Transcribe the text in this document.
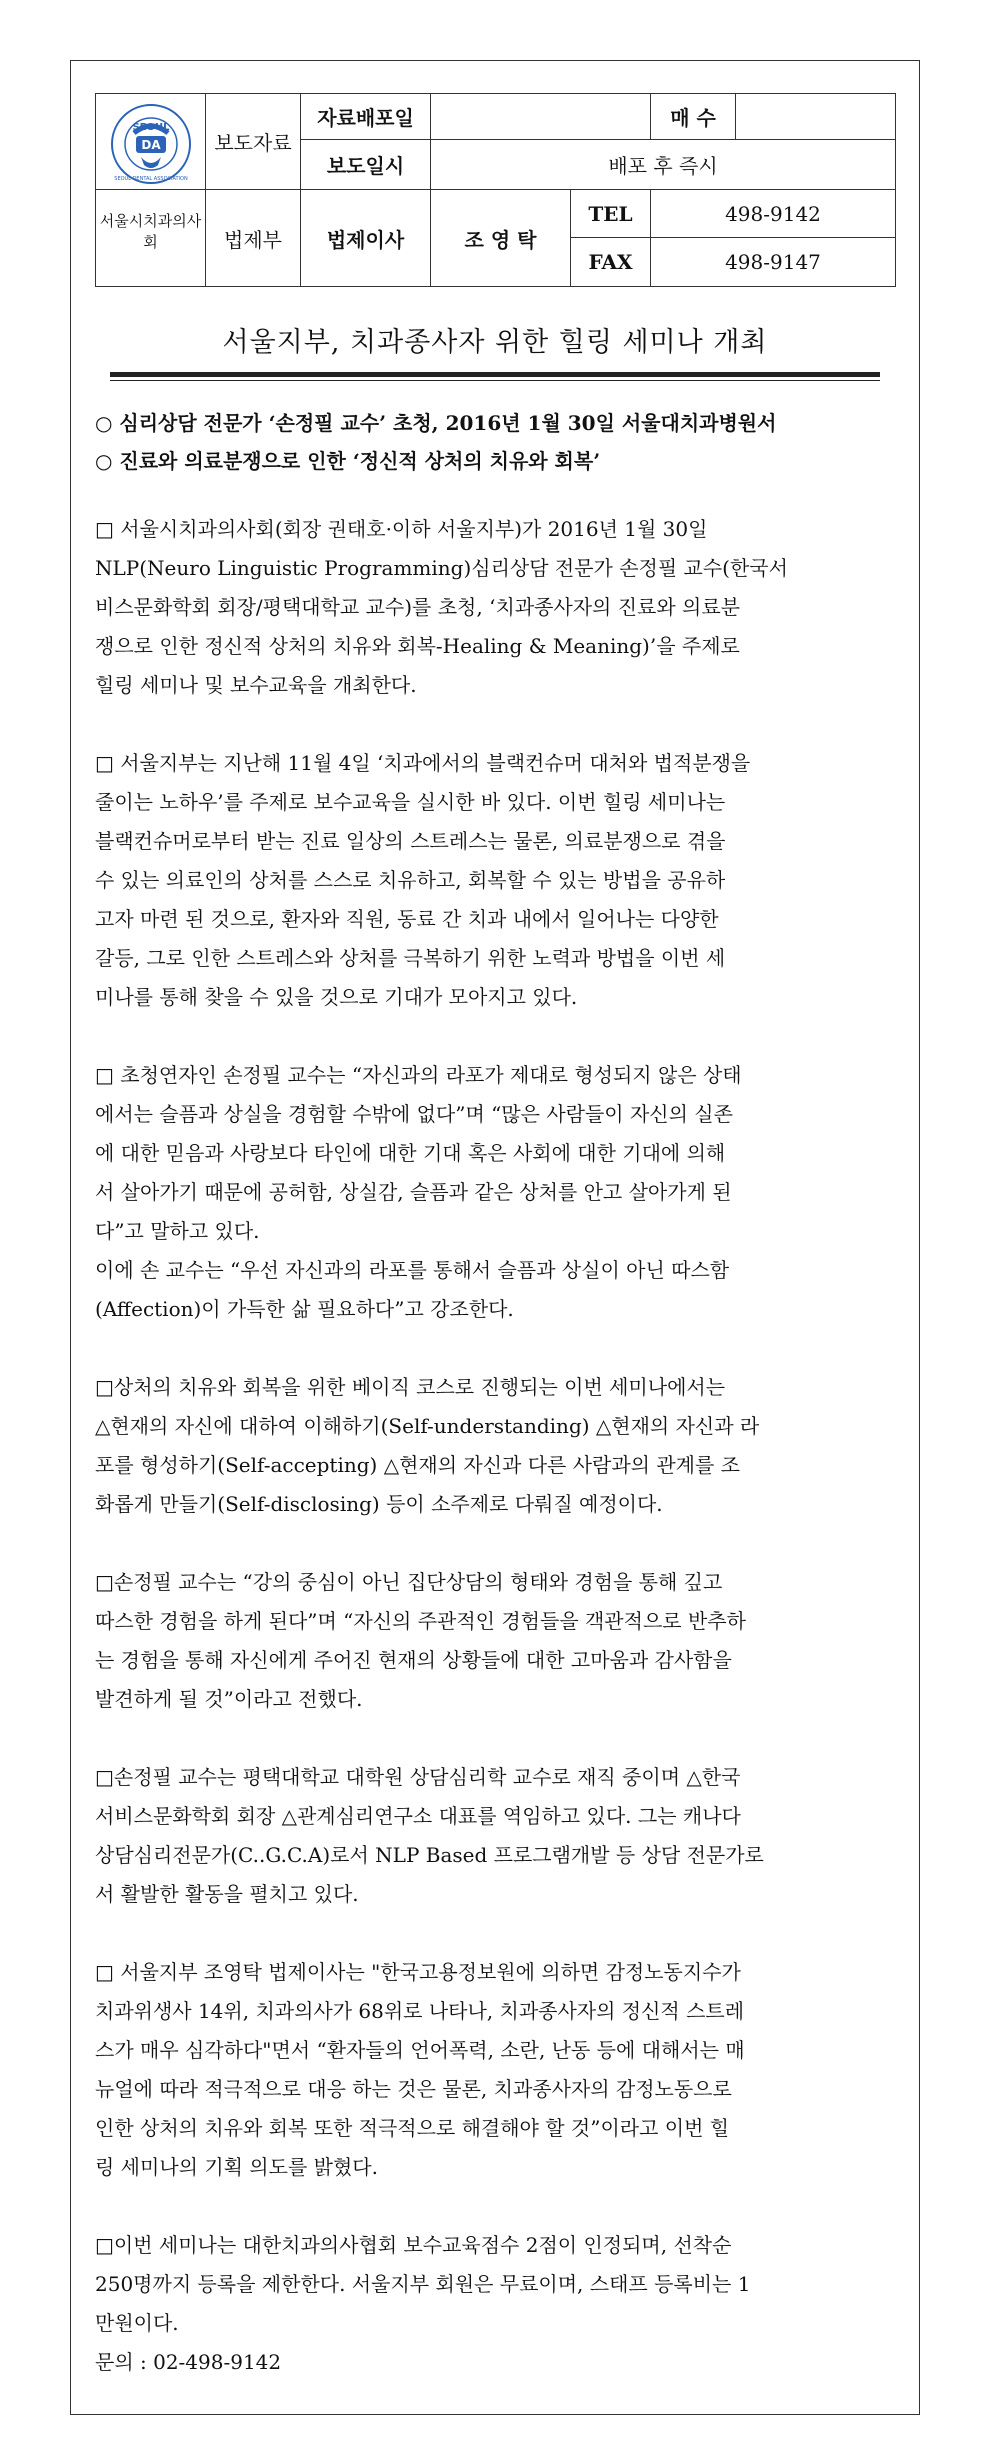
SEOUL
DA
SEOUL DENTAL ASSOCIATION	보도자료	자료배포일			매 수	
		보도일시	배포 후 즉시			

서울시치과의사회	법제부	법제이사	조 영 탁	TEL	498-9142	
				FAX	498-9147	
서울지부, 치과종사자 위한 힐링 세미나 개최
○ 심리상담 전문가 ‘손정필 교수’ 초청, 2016년 1월 30일 서울대치과병원서
○ 진료와 의료분쟁으로 인한 ‘정신적 상처의 치유와 회복’
□ 서울시치과의사회(회장 권태호·이하 서울지부)가 2016년 1월 30일
NLP(Neuro Linguistic Programming)심리상담 전문가 손정필 교수(한국서
비스문화학회 회장/평택대학교 교수)를 초청, ‘치과종사자의 진료와 의료분
쟁으로 인한 정신적 상처의 치유와 회복-Healing & Meaning)’을 주제로
힐링 세미나 및 보수교육을 개최한다.
□ 서울지부는 지난해 11월 4일 ‘치과에서의 블랙컨슈머 대처와 법적분쟁을
줄이는 노하우’를 주제로 보수교육을 실시한 바 있다. 이번 힐링 세미나는
블랙컨슈머로부터 받는 진료 일상의 스트레스는 물론, 의료분쟁으로 겪을
수 있는 의료인의 상처를 스스로 치유하고, 회복할 수 있는 방법을 공유하
고자 마련 된 것으로, 환자와 직원, 동료 간 치과 내에서 일어나는 다양한
갈등, 그로 인한 스트레스와 상처를 극복하기 위한 노력과 방법을 이번 세
미나를 통해 찾을 수 있을 것으로 기대가 모아지고 있다.
□ 초청연자인 손정필 교수는 “자신과의 라포가 제대로 형성되지 않은 상태
에서는 슬픔과 상실을 경험할 수밖에 없다”며 “많은 사람들이 자신의 실존
에 대한 믿음과 사랑보다 타인에 대한 기대 혹은 사회에 대한 기대에 의해
서 살아가기 때문에 공허함, 상실감, 슬픔과 같은 상처를 안고 살아가게 된
다”고 말하고 있다.
이에 손 교수는 “우선 자신과의 라포를 통해서 슬픔과 상실이 아닌 따스함
(Affection)이 가득한 삶 필요하다”고 강조한다.
□상처의 치유와 회복을 위한 베이직 코스로 진행되는 이번 세미나에서는
△현재의 자신에 대하여 이해하기(Self-understanding) △현재의 자신과 라
포를 형성하기(Self-accepting) △현재의 자신과 다른 사람과의 관계를 조
화롭게 만들기(Self-disclosing) 등이 소주제로 다뤄질 예정이다.
□손정필 교수는 “강의 중심이 아닌 집단상담의 형태와 경험을 통해 깊고
따스한 경험을 하게 된다”며 “자신의 주관적인 경험들을 객관적으로 반추하
는 경험을 통해 자신에게 주어진 현재의 상황들에 대한 고마움과 감사함을
발견하게 될 것”이라고 전했다.
□손정필 교수는 평택대학교 대학원 상담심리학 교수로 재직 중이며 △한국
서비스문화학회 회장 △관계심리연구소 대표를 역임하고 있다. 그는 캐나다
상담심리전문가(C..G.C.A)로서 NLP Based 프로그램개발 등 상담 전문가로
서 활발한 활동을 펼치고 있다.
□ 서울지부 조영탁 법제이사는 "한국고용정보원에 의하면 감정노동지수가
치과위생사 14위, 치과의사가 68위로 나타나, 치과종사자의 정신적 스트레
스가 매우 심각하다"면서 “환자들의 언어폭력, 소란, 난동 등에 대해서는 매
뉴얼에 따라 적극적으로 대응 하는 것은 물론, 치과종사자의 감정노동으로
인한 상처의 치유와 회복 또한 적극적으로 해결해야 할 것”이라고 이번 힐
링 세미나의 기획 의도를 밝혔다.
□이번 세미나는 대한치과의사협회 보수교육점수 2점이 인정되며, 선착순
250명까지 등록을 제한한다. 서울지부 회원은 무료이며, 스태프 등록비는 1
만원이다.
문의 : 02-498-9142
